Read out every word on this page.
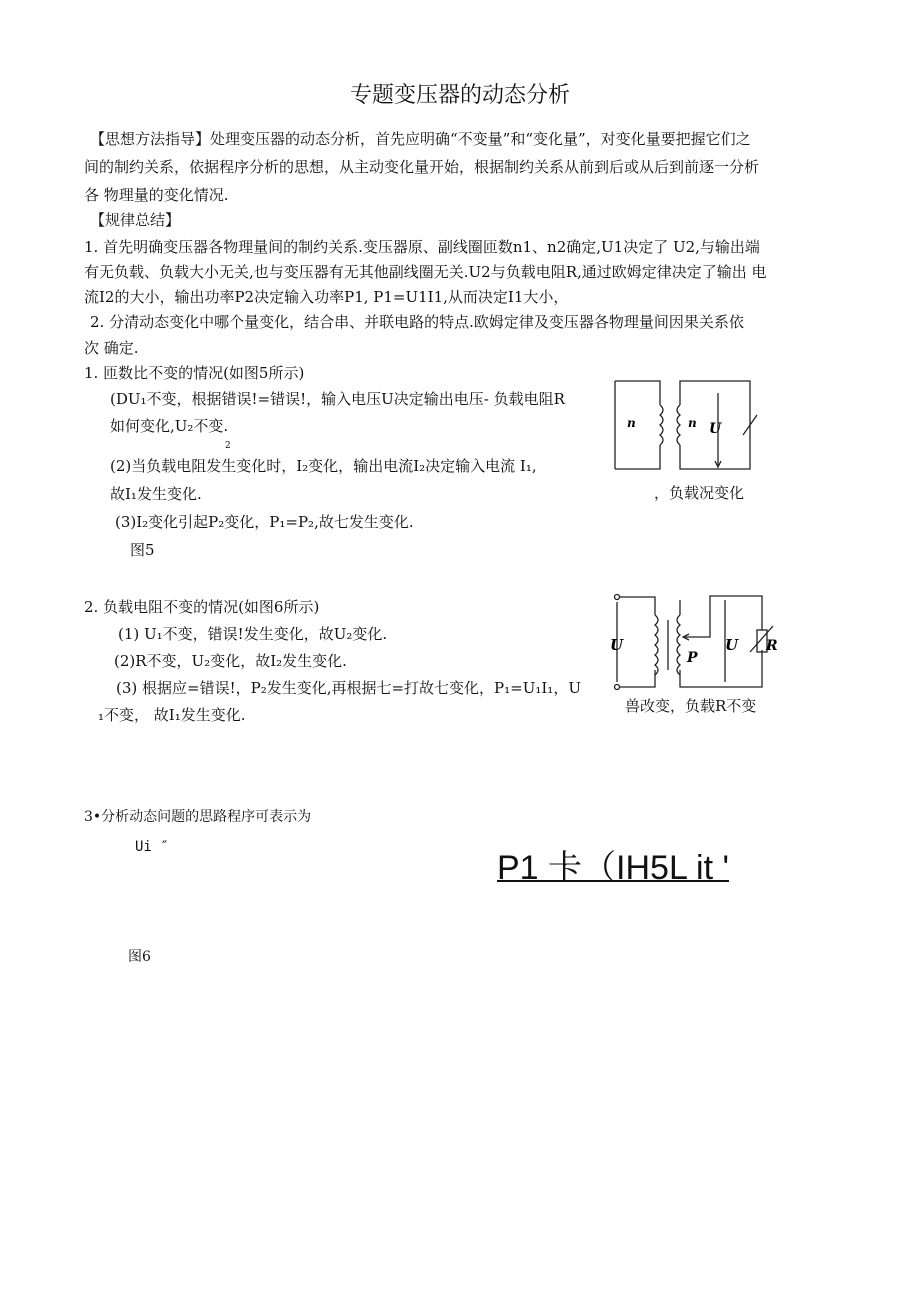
专题变压器的动态分析
【思想方法指导】处理变压器的动态分析，首先应明确“不变量”和“变化量”，对变化量要把握它们之
间的制约关系，依据程序分析的思想，从主动变化量开始，根据制约关系从前到后或从后到前逐一分析
各 物理量的变化情况.
【规律总结】
1. 首先明确变压器各物理量间的制约关系.变压器原、副线圈匝数n1、n2确定,U1决定了 U2,与输出端
有无负载、负载大小无关,也与变压器有无其他副线圈无关.U2与负载电阻R,通过欧姆定律决定了输出 电
流I2的大小，输出功率P2决定输入功率P1, P1=U1I1,从而决定I1大小，
2. 分清动态变化中哪个量变化，结合串、并联电路的特点.欧姆定律及变压器各物理量间因果关系依
次 确定.
1. 匝数比不变的情况(如图5所示)
(DU₁不变，根据错误!=错误!，输入电压U决定输出电压- 负载电阻R
如何变化,U₂不变.
2
(2)当负载电阻发生变化时，I₂变化，输出电流I₂决定输入电流 I₁,
故I₁发生变化.	，负载况变化
(3)I₂变化引起P₂变化，P₁=P₂,故七发生变化.
图5
n	n U
2. 负载电阻不变的情况(如图6所示)
(1) U₁不变，错误!发生变化，故U₂变化.
(2)R不变，U₂变化，故I₂发生变化.
(3) 根据应=错误!，P₂发生变化,再根据七=打故七变化，P₁=U₁I₁，U
₁不变， 故I₁发生变化.	兽改变，负载R不变
U	U
P
R
3•分析动态问题的思路程序可表示为
Ui ″
P1 卡（IH5L it '
图6
